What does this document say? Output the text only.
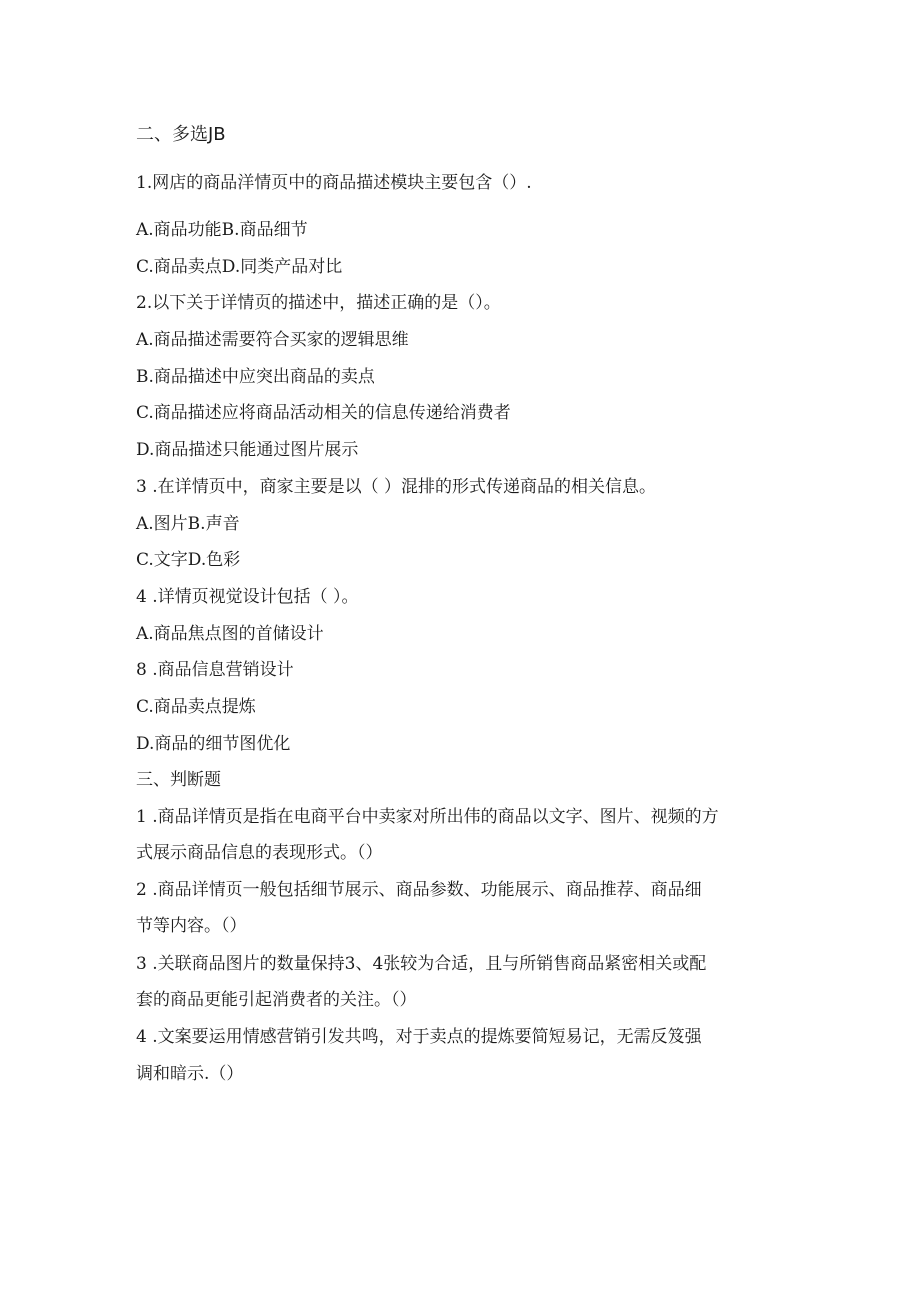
二、多选JB
1.网店的商品洋情页中的商品描述模块主要包含（）.
A.商品功能B.商品细节
C.商品卖点D.同类产品对比
2.以下关于详情页的描述中，描述正确的是（）。
A.商品描述需要符合买家的逻辑思维
B.商品描述中应突出商品的卖点
C.商品描述应将商品活动相关的信息传递给消费者
D.商品描述只能通过图片展示
3 .在详情页中，商家主要是以（ ）混排的形式传递商品的相关信息。
A.图片B.声音
C.文字D.色彩
4 .详情页视觉设计包括（ ）。
A.商品焦点图的首储设计
8 .商品信息营销设计
C.商品卖点提炼
D.商品的细节图优化
三、判断题
1 .商品详情页是指在电商平台中卖家对所出伟的商品以文字、图片、视频的方
式展示商品信息的表现形式。（）
2 .商品详情页一般包括细节展示、商品参数、功能展示、商品推荐、商品细
节等内容。（）
3 .关联商品图片的数量保持3、4张较为合适，且与所销售商品紧密相关或配
套的商品更能引起消费者的关注。（）
4 .文案要运用情感营销引发共鸣，对于卖点的提炼要简短易记，无需反笈强
调和暗示.（）
